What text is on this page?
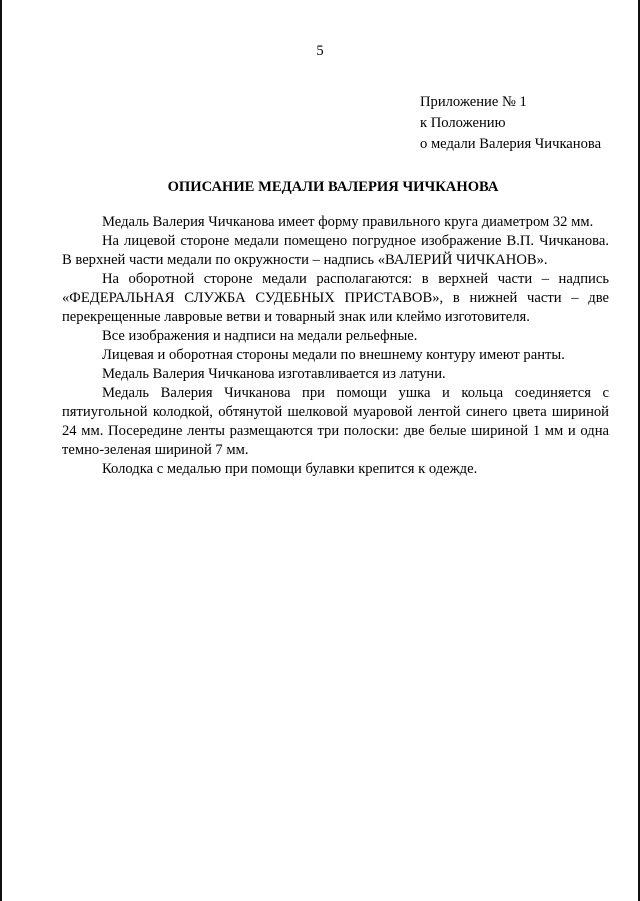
5
Приложение № 1
к Положению
о медали Валерия Чичканова
ОПИСАНИЕ МЕДАЛИ ВАЛЕРИЯ ЧИЧКАНОВА

Медаль Валерия Чичканова имеет форму правильного круга диаметром 32 мм.

На лицевой стороне медали помещено погрудное изображение В.П. Чичканова. В верхней части медали по окружности – надпись «ВАЛЕРИЙ ЧИЧКАНОВ».

На оборотной стороне медали располагаются: в верхней части – надпись «ФЕДЕРАЛЬНАЯ СЛУЖБА СУДЕБНЫХ ПРИСТАВОВ», в нижней части – две перекрещенные лавровые ветви и товарный знак или клеймо изготовителя.

Все изображения и надписи на медали рельефные.

Лицевая и оборотная стороны медали по внешнему контуру имеют ранты.

Медаль Валерия Чичканова изготавливается из латуни.

Медаль Валерия Чичканова при помощи ушка и кольца соединяется с пятиугольной колодкой, обтянутой шелковой муаровой лентой синего цвета шириной 24 мм. Посередине ленты размещаются три полоски: две белые шириной 1 мм и одна темно-зеленая шириной 7 мм.

Колодка с медалью при помощи булавки крепится к одежде.
